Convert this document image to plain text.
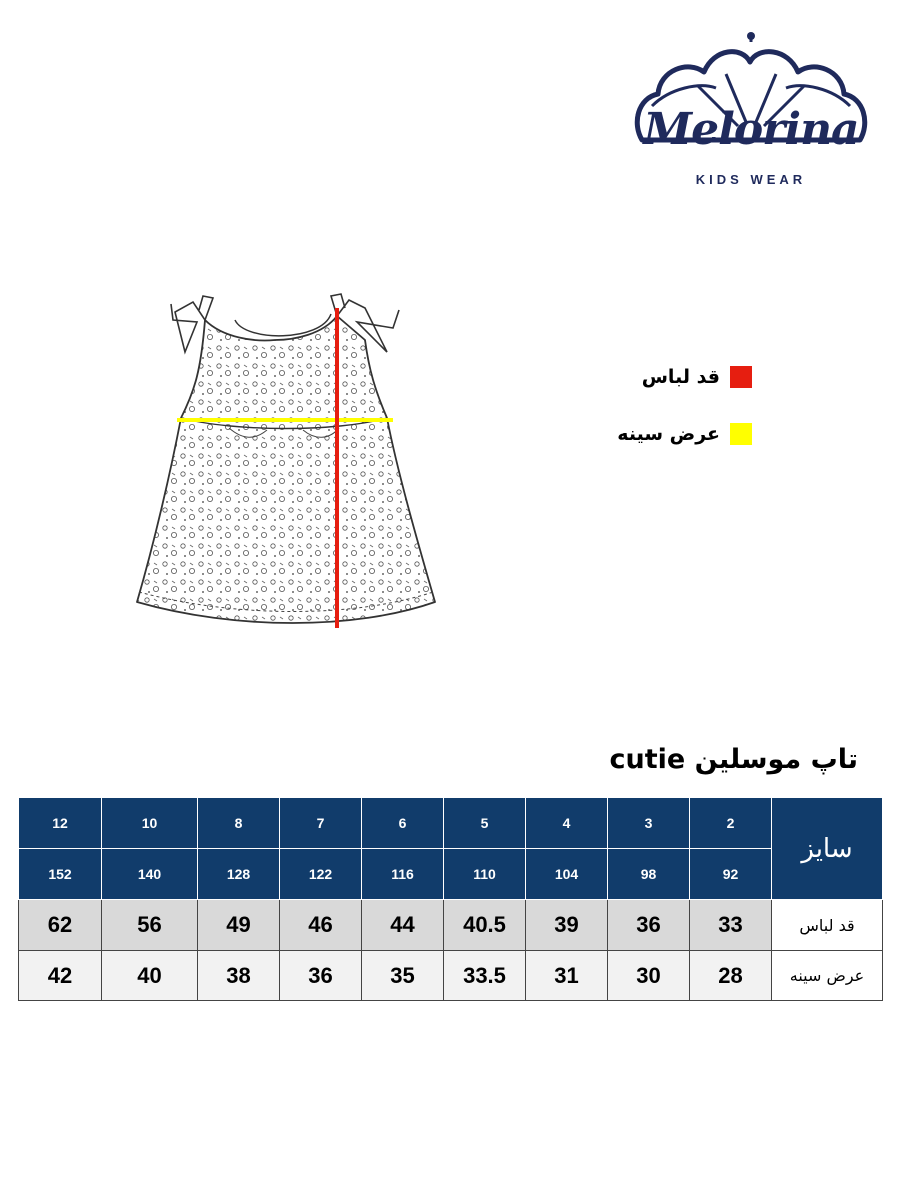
Melorina
KIDS WEAR
قد لباس
عرض سینه
تاپ موسلین cutie
سایز	2	3	4	5	6	7	8	10	12
	92	98	104	110	116	122	128	140	152
قد لباس	33	36	39	40.5	44	46	49	56	62
عرض سینه	28	30	31	33.5	35	36	38	40	42
